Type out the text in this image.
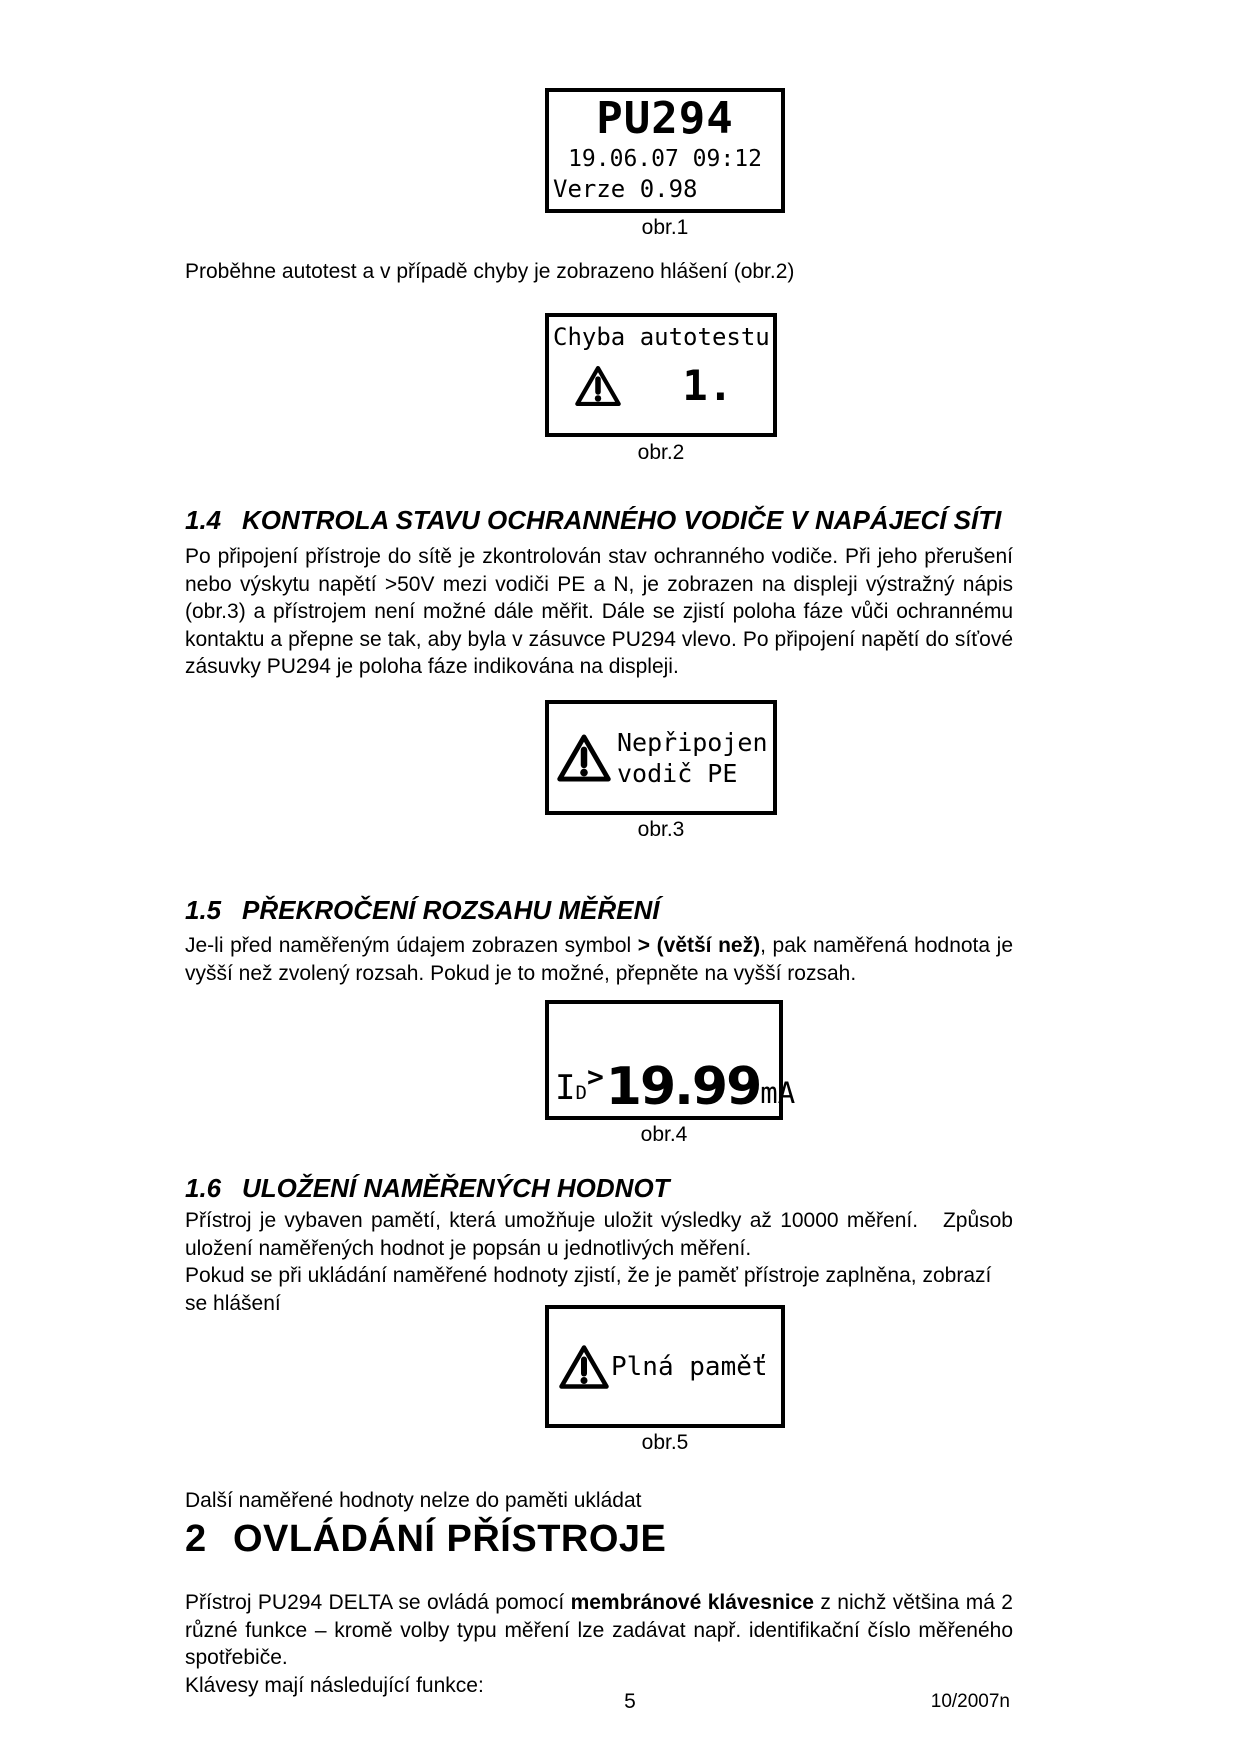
PU294
19.06.07 09:12
Verze 0.98
obr.1
Proběhne autotest a v případě chyby je zobrazeno hlášení (obr.2)
Chyba autotestu
1.
obr.2
1.4 KONTROLA STAVU OCHRANNÉHO VODIČE V NAPÁJECÍ SÍTI
Po připojení přístroje do sítě je zkontrolován stav ochranného vodiče. Při jeho přerušení nebo výskytu napětí >50V mezi vodiči PE a N, je zobrazen na displeji výstražný nápis (obr.3) a přístrojem není možné dále měřit. Dále se zjistí poloha fáze vůči ochrannému kontaktu a přepne se tak, aby byla v zásuvce PU294 vlevo. Po připojení napětí do síťové zásuvky PU294 je poloha fáze indikována na displeji.
Nepřipojen
vodič PE
obr.3
1.5 PŘEKROČENÍ ROZSAHU MĚŘENÍ
Je-li před naměřeným údajem zobrazen symbol > (větší než), pak naměřená hodnota je vyšší než zvolený rozsah. Pokud je to možné, přepněte na vyšší rozsah.
ID > 19.99 mA
obr.4
1.6 ULOŽENÍ NAMĚŘENÝCH HODNOT

Přístroj je vybaven pamětí, která umožňuje uložit výsledky až 10000 měření.   Způsob uložení naměřených hodnot je popsán u jednotlivých měření.

Pokud se při ukládání naměřené hodnoty zjistí, že je paměť přístroje zaplněna, zobrazí se hlášení

Plná paměť
obr.5
Další naměřené hodnoty nelze do paměti ukládat
2 OVLÁDÁNÍ PŘÍSTROJE

Přístroj PU294 DELTA se ovládá pomocí membránové klávesnice z nichž většina má 2 různé funkce – kromě volby typu měření lze zadávat např. identifikační číslo měřeného spotřebiče.

Klávesy mají následující funkce:

5	10/2007n
